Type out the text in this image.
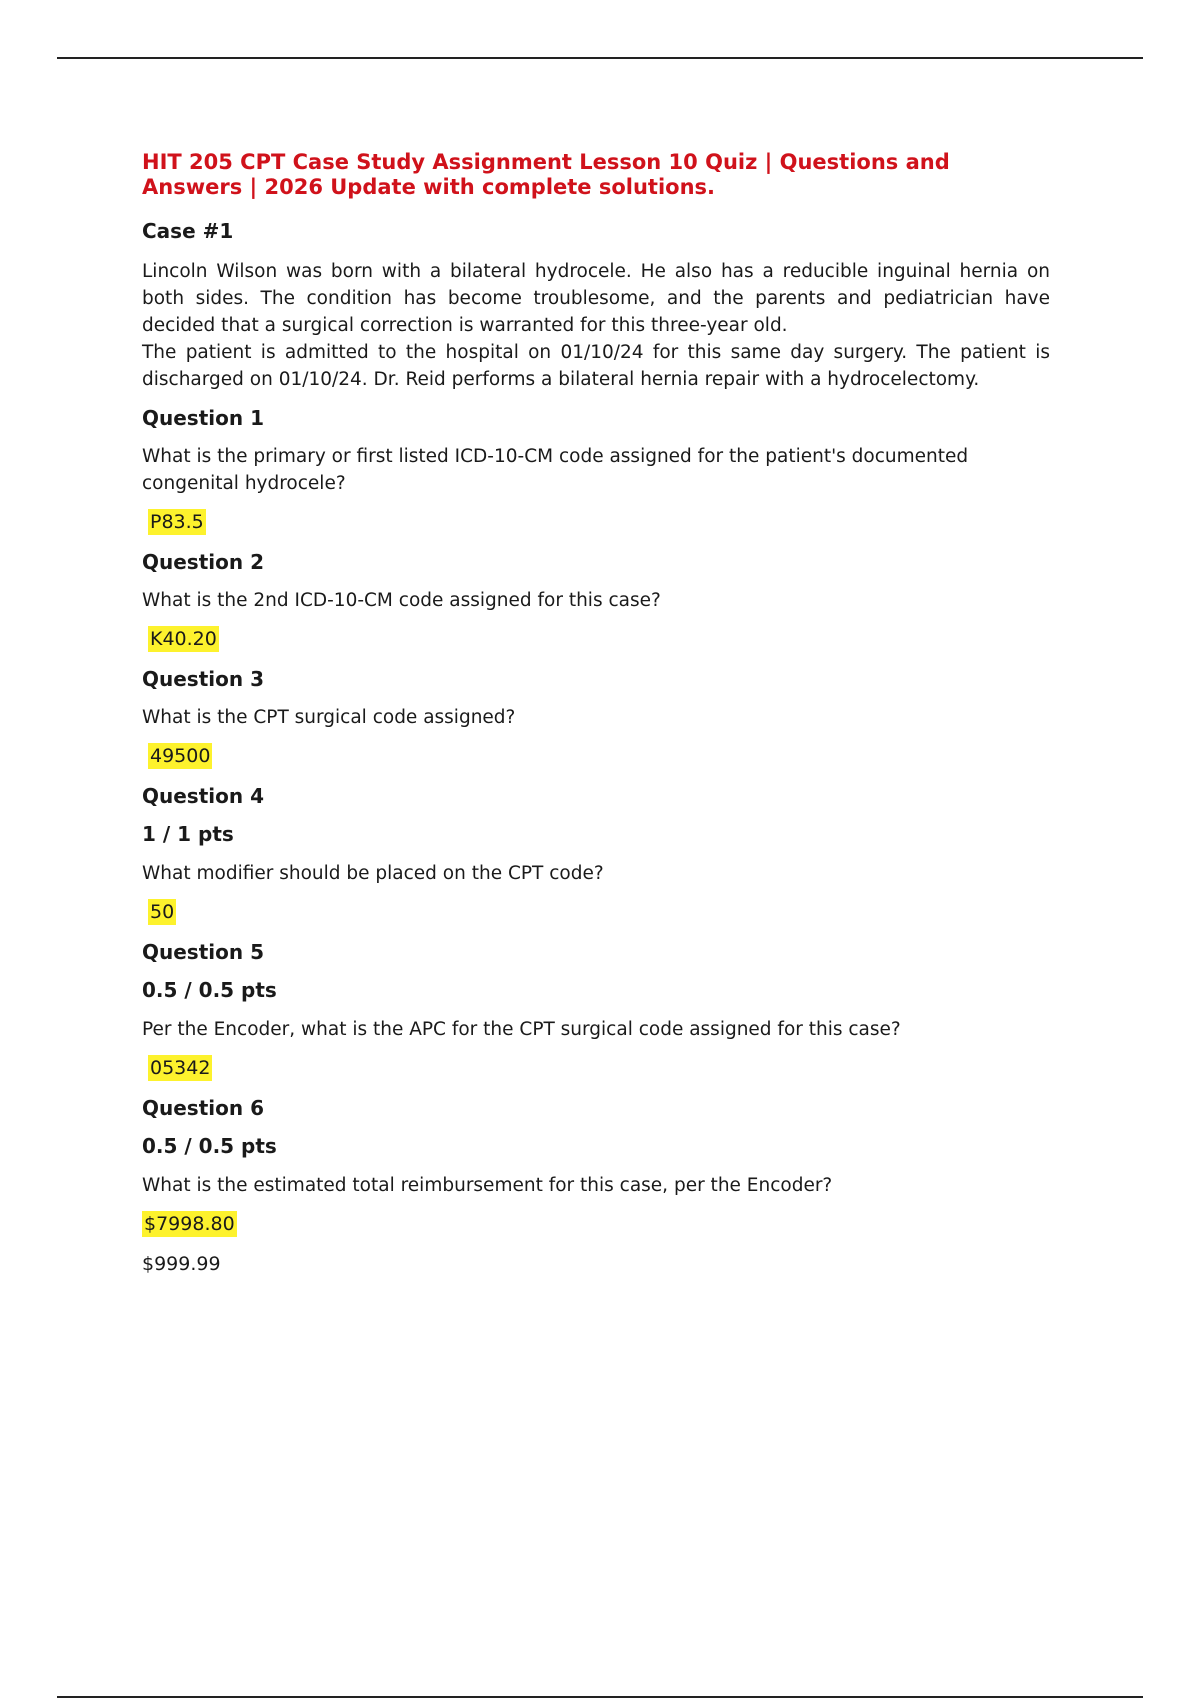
HIT 205 CPT Case Study Assignment Lesson 10 Quiz | Questions and Answers | 2026 Update with complete solutions.
Case #1

Lincoln Wilson was born with a bilateral hydrocele. He also has a reducible inguinal hernia on both sides. The condition has become troublesome, and the parents and pediatrician have decided that a surgical correction is warranted for this three-year old.

The patient is admitted to the hospital on 01/10/24 for this same day surgery. The patient is discharged on 01/10/24. Dr. Reid performs a bilateral hernia repair with a hydrocelectomy.

Question 1
What is the primary or first listed ICD-10-CM code assigned for the patient's documented congenital hydrocele?
P83.5
Question 2
What is the 2nd ICD-10-CM code assigned for this case?
K40.20
Question 3
What is the CPT surgical code assigned?
49500
Question 4
1 / 1 pts
What modifier should be placed on the CPT code?
50
Question 5
0.5 / 0.5 pts
Per the Encoder, what is the APC for the CPT surgical code assigned for this case?
05342
Question 6
0.5 / 0.5 pts
What is the estimated total reimbursement for this case, per the Encoder?
$7998.80
$999.99
